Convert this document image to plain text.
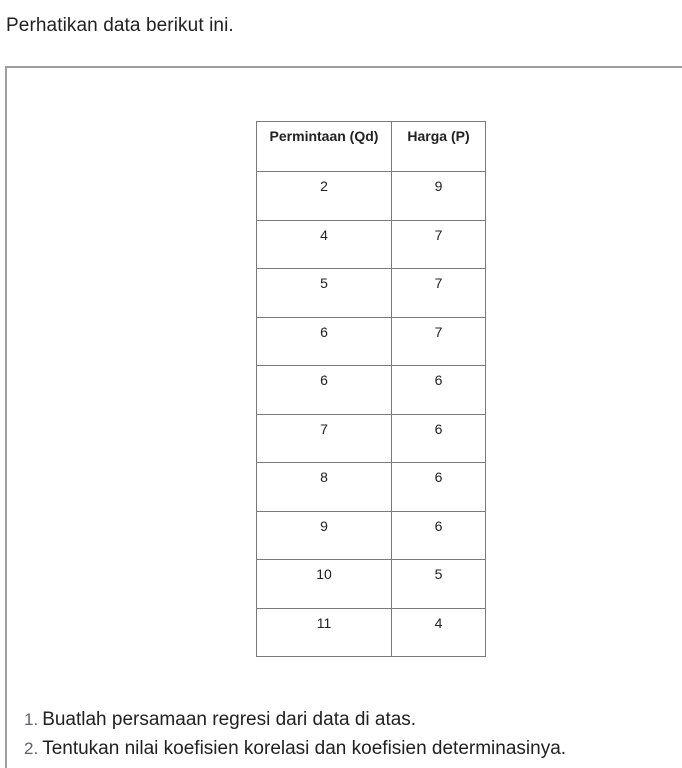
Perhatikan data berikut ini.
Permintaan (Qd)	Harga (P)
2	9
4	7
5	7
6	7
6	6
7	6
8	6
9	6
10	5
11	4
1. Buatlah persamaan regresi dari data di atas.
2. Tentukan nilai koefisien korelasi dan koefisien determinasinya.
